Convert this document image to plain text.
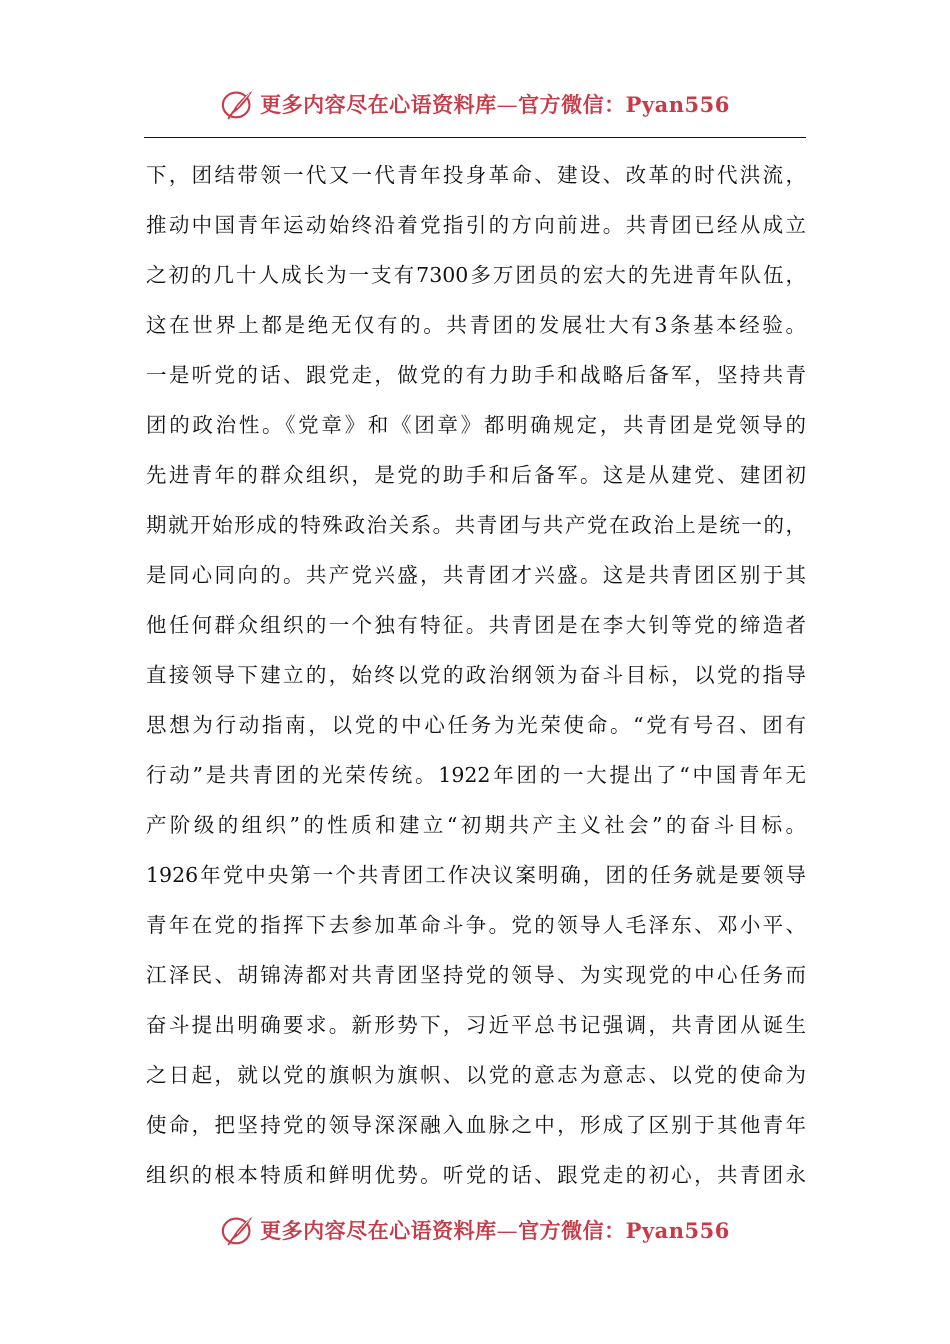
更多内容尽在心语资料库—官方微信：Pyan556
下，团结带领一代又一代青年投身革命、建设、改革的时代洪流，
推动中国青年运动始终沿着党指引的方向前进。共青团已经从成立
之初的几十人成长为一支有7300多万团员的宏大的先进青年队伍，
这在世界上都是绝无仅有的。共青团的发展壮大有3条基本经验。
一是听党的话、跟党走，做党的有力助手和战略后备军，坚持共青
团的政治性。《党章》和《团章》都明确规定，共青团是党领导的
先进青年的群众组织，是党的助手和后备军。这是从建党、建团初
期就开始形成的特殊政治关系。共青团与共产党在政治上是统一的，
是同心同向的。共产党兴盛，共青团才兴盛。这是共青团区别于其
他任何群众组织的一个独有特征。共青团是在李大钊等党的缔造者
直接领导下建立的，始终以党的政治纲领为奋斗目标，以党的指导
思想为行动指南，以党的中心任务为光荣使命。“党有号召、团有
行动”是共青团的光荣传统。1922年团的一大提出了“中国青年无
产阶级的组织”的性质和建立“初期共产主义社会”的奋斗目标。
1926年党中央第一个共青团工作决议案明确，团的任务就是要领导
青年在党的指挥下去参加革命斗争。党的领导人毛泽东、邓小平、
江泽民、胡锦涛都对共青团坚持党的领导、为实现党的中心任务而
奋斗提出明确要求。新形势下，习近平总书记强调，共青团从诞生
之日起，就以党的旗帜为旗帜、以党的意志为意志、以党的使命为
使命，把坚持党的领导深深融入血脉之中，形成了区别于其他青年
组织的根本特质和鲜明优势。听党的话、跟党走的初心，共青团永
更多内容尽在心语资料库—官方微信：Pyan556
